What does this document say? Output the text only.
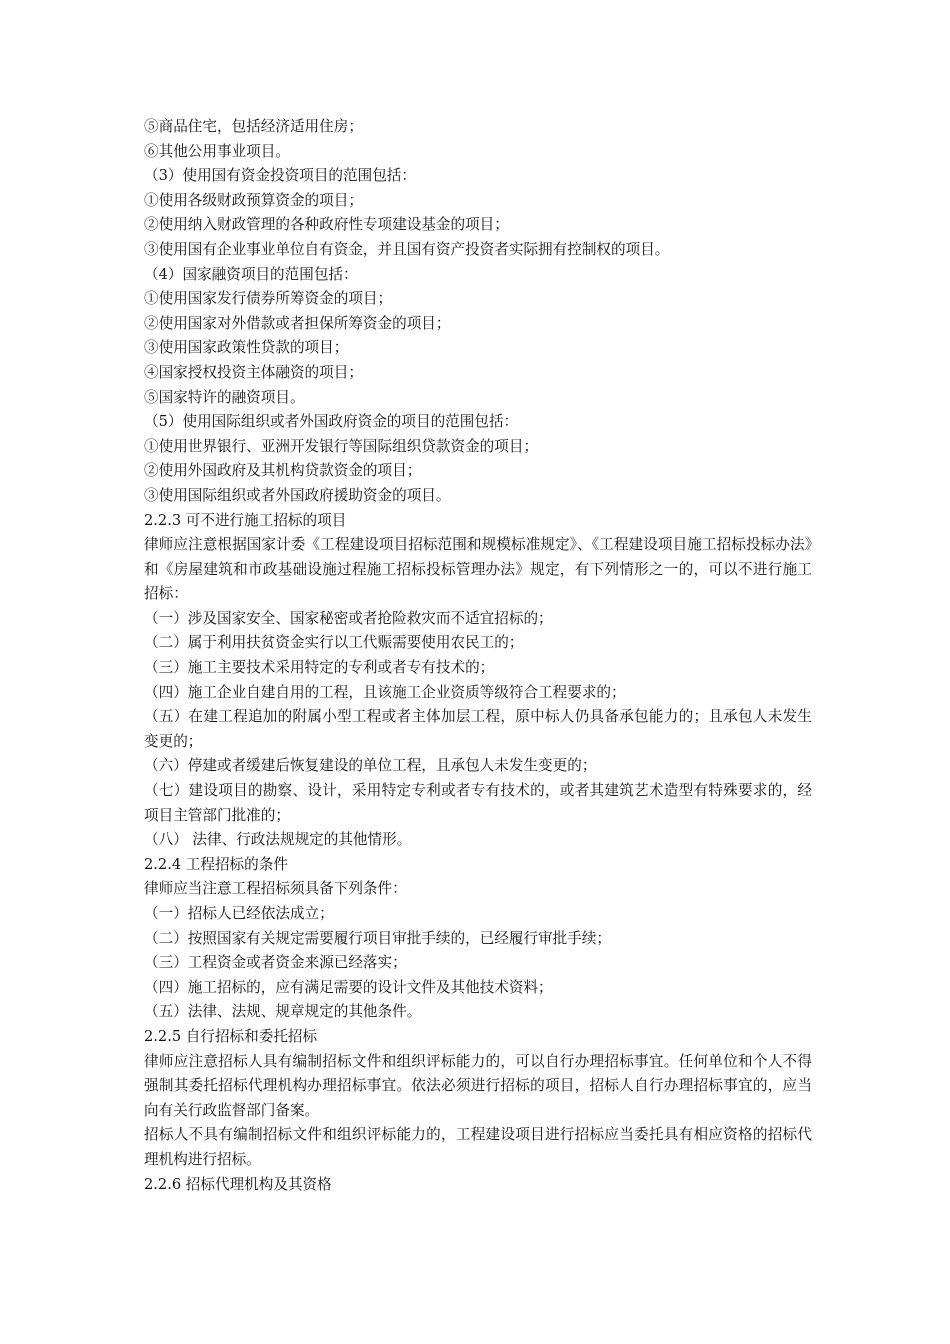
⑤商品住宅，包括经济适用住房；

⑥其他公用事业项目。

（3）使用国有资金投资项目的范围包括：

①使用各级财政预算资金的项目；

②使用纳入财政管理的各种政府性专项建设基金的项目；

③使用国有企业事业单位自有资金，并且国有资产投资者实际拥有控制权的项目。

（4）国家融资项目的范围包括：

①使用国家发行债券所筹资金的项目；

②使用国家对外借款或者担保所筹资金的项目；

③使用国家政策性贷款的项目；

④国家授权投资主体融资的项目；

⑤国家特许的融资项目。

（5）使用国际组织或者外国政府资金的项目的范围包括：

①使用世界银行、亚洲开发银行等国际组织贷款资金的项目；

②使用外国政府及其机构贷款资金的项目；

③使用国际组织或者外国政府援助资金的项目。

2.2.3 可不进行施工招标的项目

律师应注意根据国家计委《工程建设项目招标范围和规模标准规定》、《工程建设项目施工招标投标办法》和《房屋建筑和市政基础设施过程施工招标投标管理办法》规定，有下列情形之一的，可以不进行施工招标：

（一）涉及国家安全、国家秘密或者抢险救灾而不适宜招标的；

（二）属于利用扶贫资金实行以工代赈需要使用农民工的；

（三）施工主要技术采用特定的专利或者专有技术的；

（四）施工企业自建自用的工程，且该施工企业资质等级符合工程要求的；

（五）在建工程追加的附属小型工程或者主体加层工程，原中标人仍具备承包能力的；且承包人未发生变更的；

（六）停建或者缓建后恢复建设的单位工程，且承包人未发生变更的；

（七）建设项目的勘察、设计，采用特定专利或者专有技术的，或者其建筑艺术造型有特殊要求的，经项目主管部门批准的；

（八） 法律、行政法规规定的其他情形。

2.2.4 工程招标的条件

律师应当注意工程招标须具备下列条件：

（一）招标人已经依法成立；

（二）按照国家有关规定需要履行项目审批手续的，已经履行审批手续；

（三）工程资金或者资金来源已经落实；

（四）施工招标的，应有满足需要的设计文件及其他技术资料；

（五）法律、法规、规章规定的其他条件。

2.2.5 自行招标和委托招标

律师应注意招标人具有编制招标文件和组织评标能力的，可以自行办理招标事宜。任何单位和个人不得强制其委托招标代理机构办理招标事宜。依法必须进行招标的项目，招标人自行办理招标事宜的，应当向有关行政监督部门备案。

招标人不具有编制招标文件和组织评标能力的，工程建设项目进行招标应当委托具有相应资格的招标代理机构进行招标。

2.2.6 招标代理机构及其资格
